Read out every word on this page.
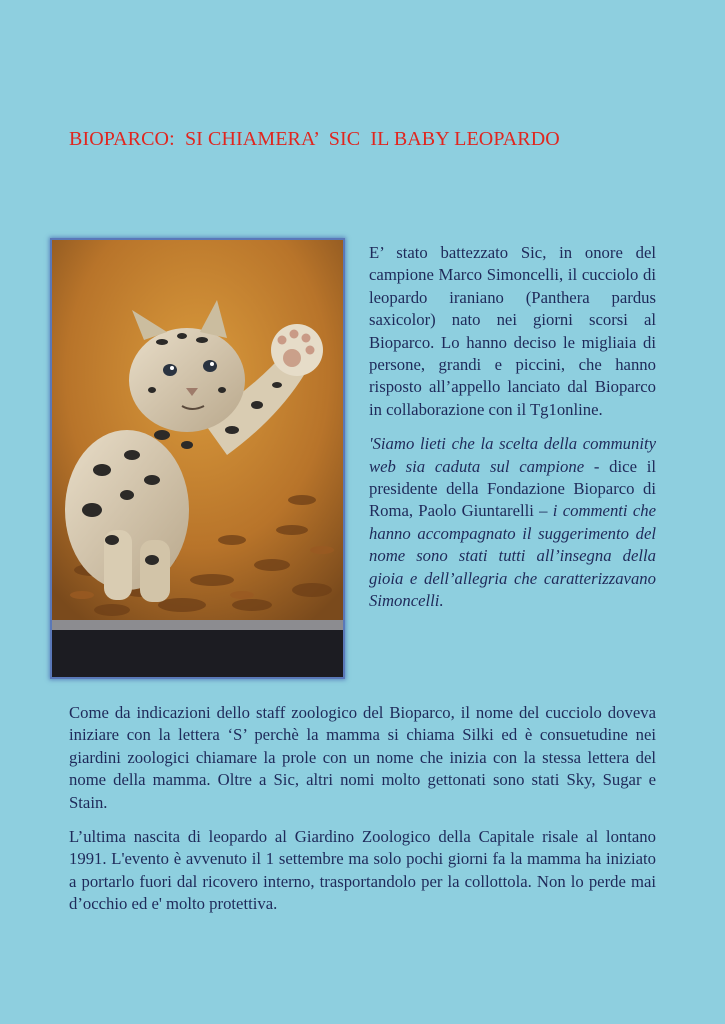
BIOPARCO:  SI CHIAMERA’  SIC  IL BABY LEOPARDO

E’ stato battezzato Sic, in onore del campione Marco Simoncelli, il cucciolo di leopardo iraniano (Panthera pardus saxicolor) nato nei giorni scorsi al Bioparco. Lo hanno deciso le migliaia di persone, grandi e piccini, che hanno risposto all’appello lanciato dal Bioparco in collaborazione con il Tg1online.

'Siamo lieti che la scelta della community web sia caduta sul campione - dice il presidente della Fondazione Bioparco di Roma, Paolo Giuntarelli – i commenti che hanno accompagnato il suggerimento del nome sono stati tutti all’insegna della gioia e dell’allegria che caratterizzavano Simoncelli.

Come da indicazioni dello staff zoologico del Bioparco, il nome del cucciolo doveva iniziare con la lettera ‘S’ perchè la mamma si chiama Silki ed è consuetudine nei giardini zoologici chiamare la prole con un nome che inizia con la stessa lettera del nome della mamma. Oltre a Sic, altri nomi molto gettonati sono stati Sky, Sugar e Stain.

L’ultima nascita di leopardo al Giardino Zoologico della Capitale risale al lontano 1991. L'evento è avvenuto il 1 settembre ma solo pochi giorni fa la mamma ha iniziato a portarlo fuori dal ricovero interno, trasportandolo per la collottola. Non lo perde mai d’occhio ed e' molto protettiva.
